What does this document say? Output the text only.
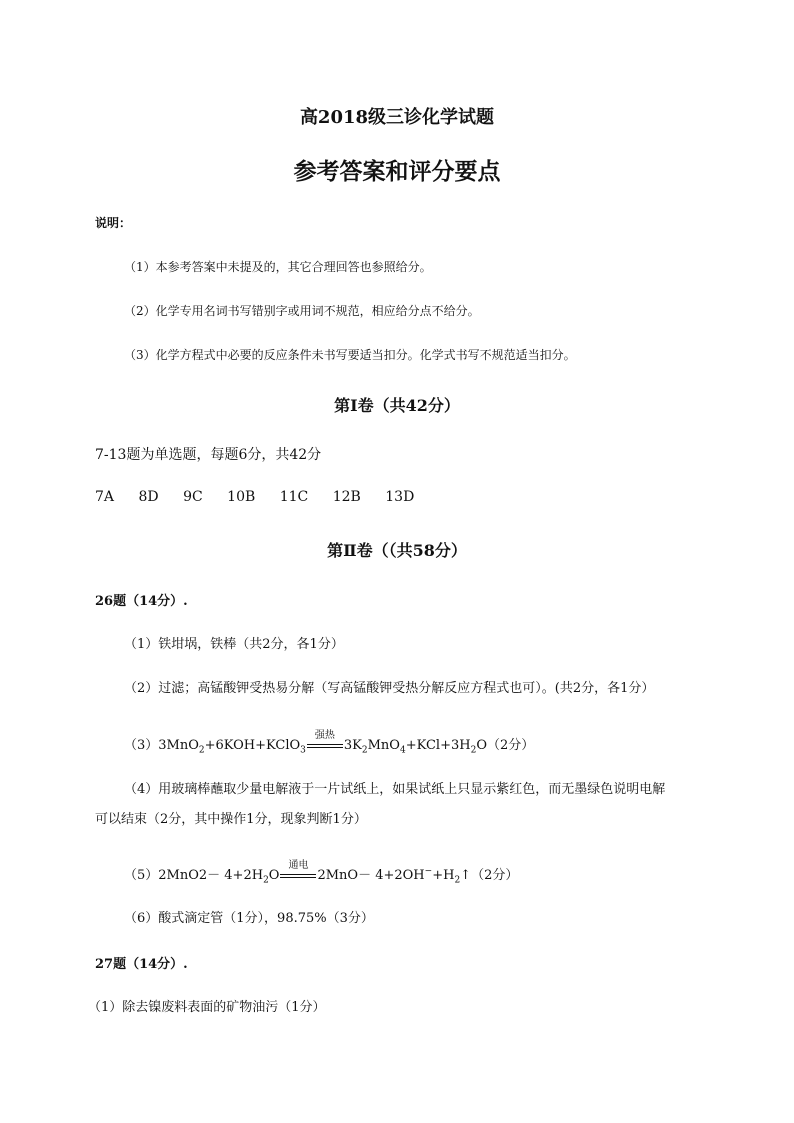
高2018级三诊化学试题
参考答案和评分要点
说明：
（1）本参考答案中未提及的，其它合理回答也参照给分。
（2）化学专用名词书写错别字或用词不规范，相应给分点不给分。
（3）化学方程式中必要的反应条件未书写要适当扣分。化学式书写不规范适当扣分。
第Ⅰ卷（共42分）
7-13题为单选题，每题6分，共42分
7A 8D 9C 10B 11C 12B 13D
第Ⅱ卷（（共58分）
26题（14分）.
（1）铁坩埚，铁棒（共2分，各1分）
（2）过滤；高锰酸钾受热易分解（写高锰酸钾受热分解反应方程式也可）。(共2分，各1分）
（3）3MnO$_2$+6KOH+KClO$_3$
强热
$3K_2MnO_4+KCl+3H_2O(2$分）
（4）用玻璃棒蘸取少量电解液于一片试纸上，如果试纸上只显示紫红色，而无墨绿色说明电解
可以结束（2分，其中操作1分，现象判断1分）
$(5)2MnO2- 4+2H_2O$
通电
$2MnO- 4+2OH^-+H_2↑(2$分）
（6）酸式滴定管（1分），98.75%（3分）
27题（14分）.
（1）除去镍废料表面的矿物油污（1分）
